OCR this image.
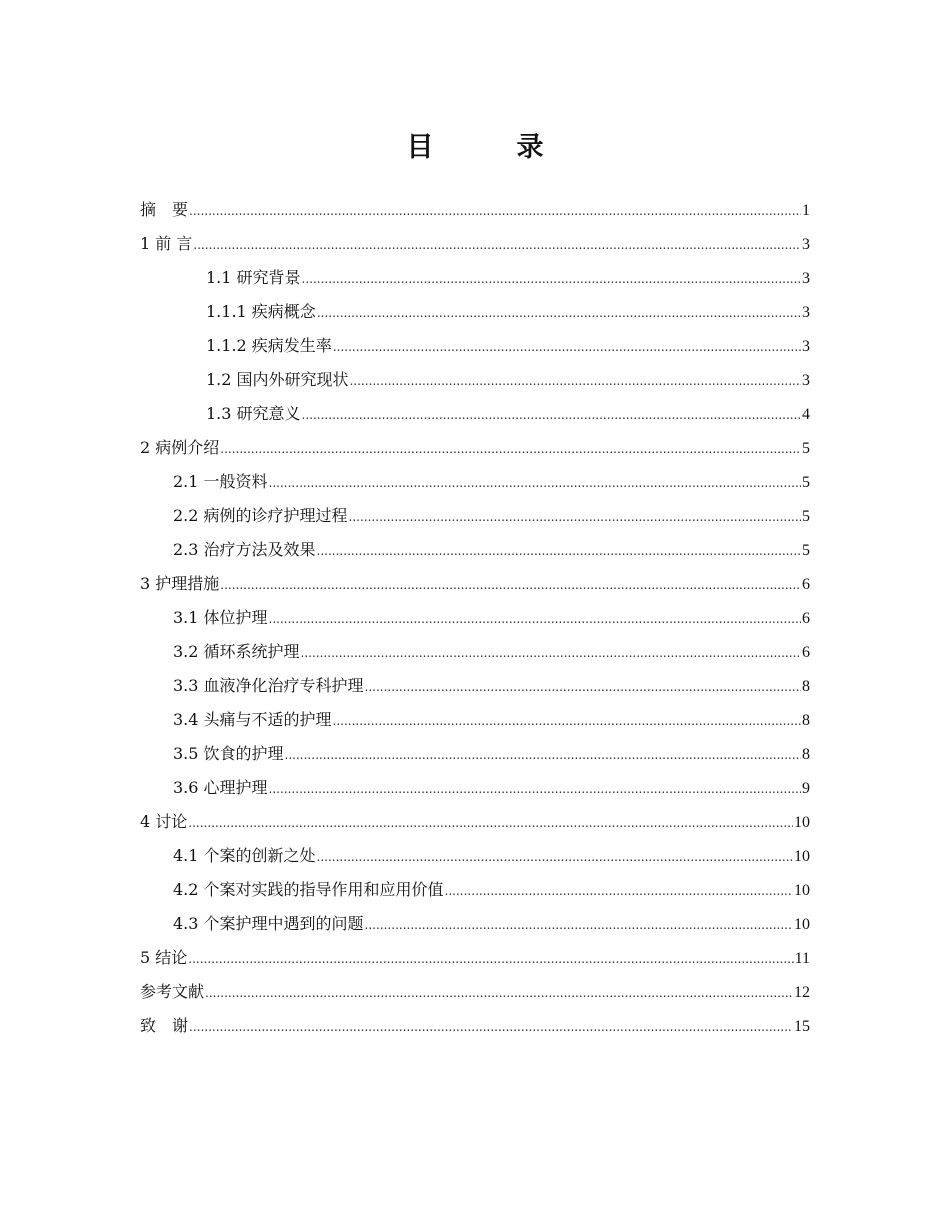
目　录
摘　要 .....	1
1 前 言 .....	3
1.1 研究背景 .....	3
1.1.1 疾病概念 .....	3
1.1.2 疾病发生率 .....	3
1.2 国内外研究现状 .....	3
1.3 研究意义 .....	4
2 病例介绍 .....	5
2.1 一般资料 .....	5
2.2 病例的诊疗护理过程 .....	5
2.3 治疗方法及效果 .....	5
3 护理措施 .....	6
3.1 体位护理 .....	6
3.2 循环系统护理 .....	6
3.3 血液净化治疗专科护理 .....	8
3.4 头痛与不适的护理 .....	8
3.5 饮食的护理 .....	8
3.6 心理护理 .....	9
4 讨论 .....	10
4.1 个案的创新之处 .....	10
4.2 个案对实践的指导作用和应用价值 .....	10
4.3 个案护理中遇到的问题 .....	10
5 结论 .....	11
参考文献 .....	12
致　谢 .....	15
